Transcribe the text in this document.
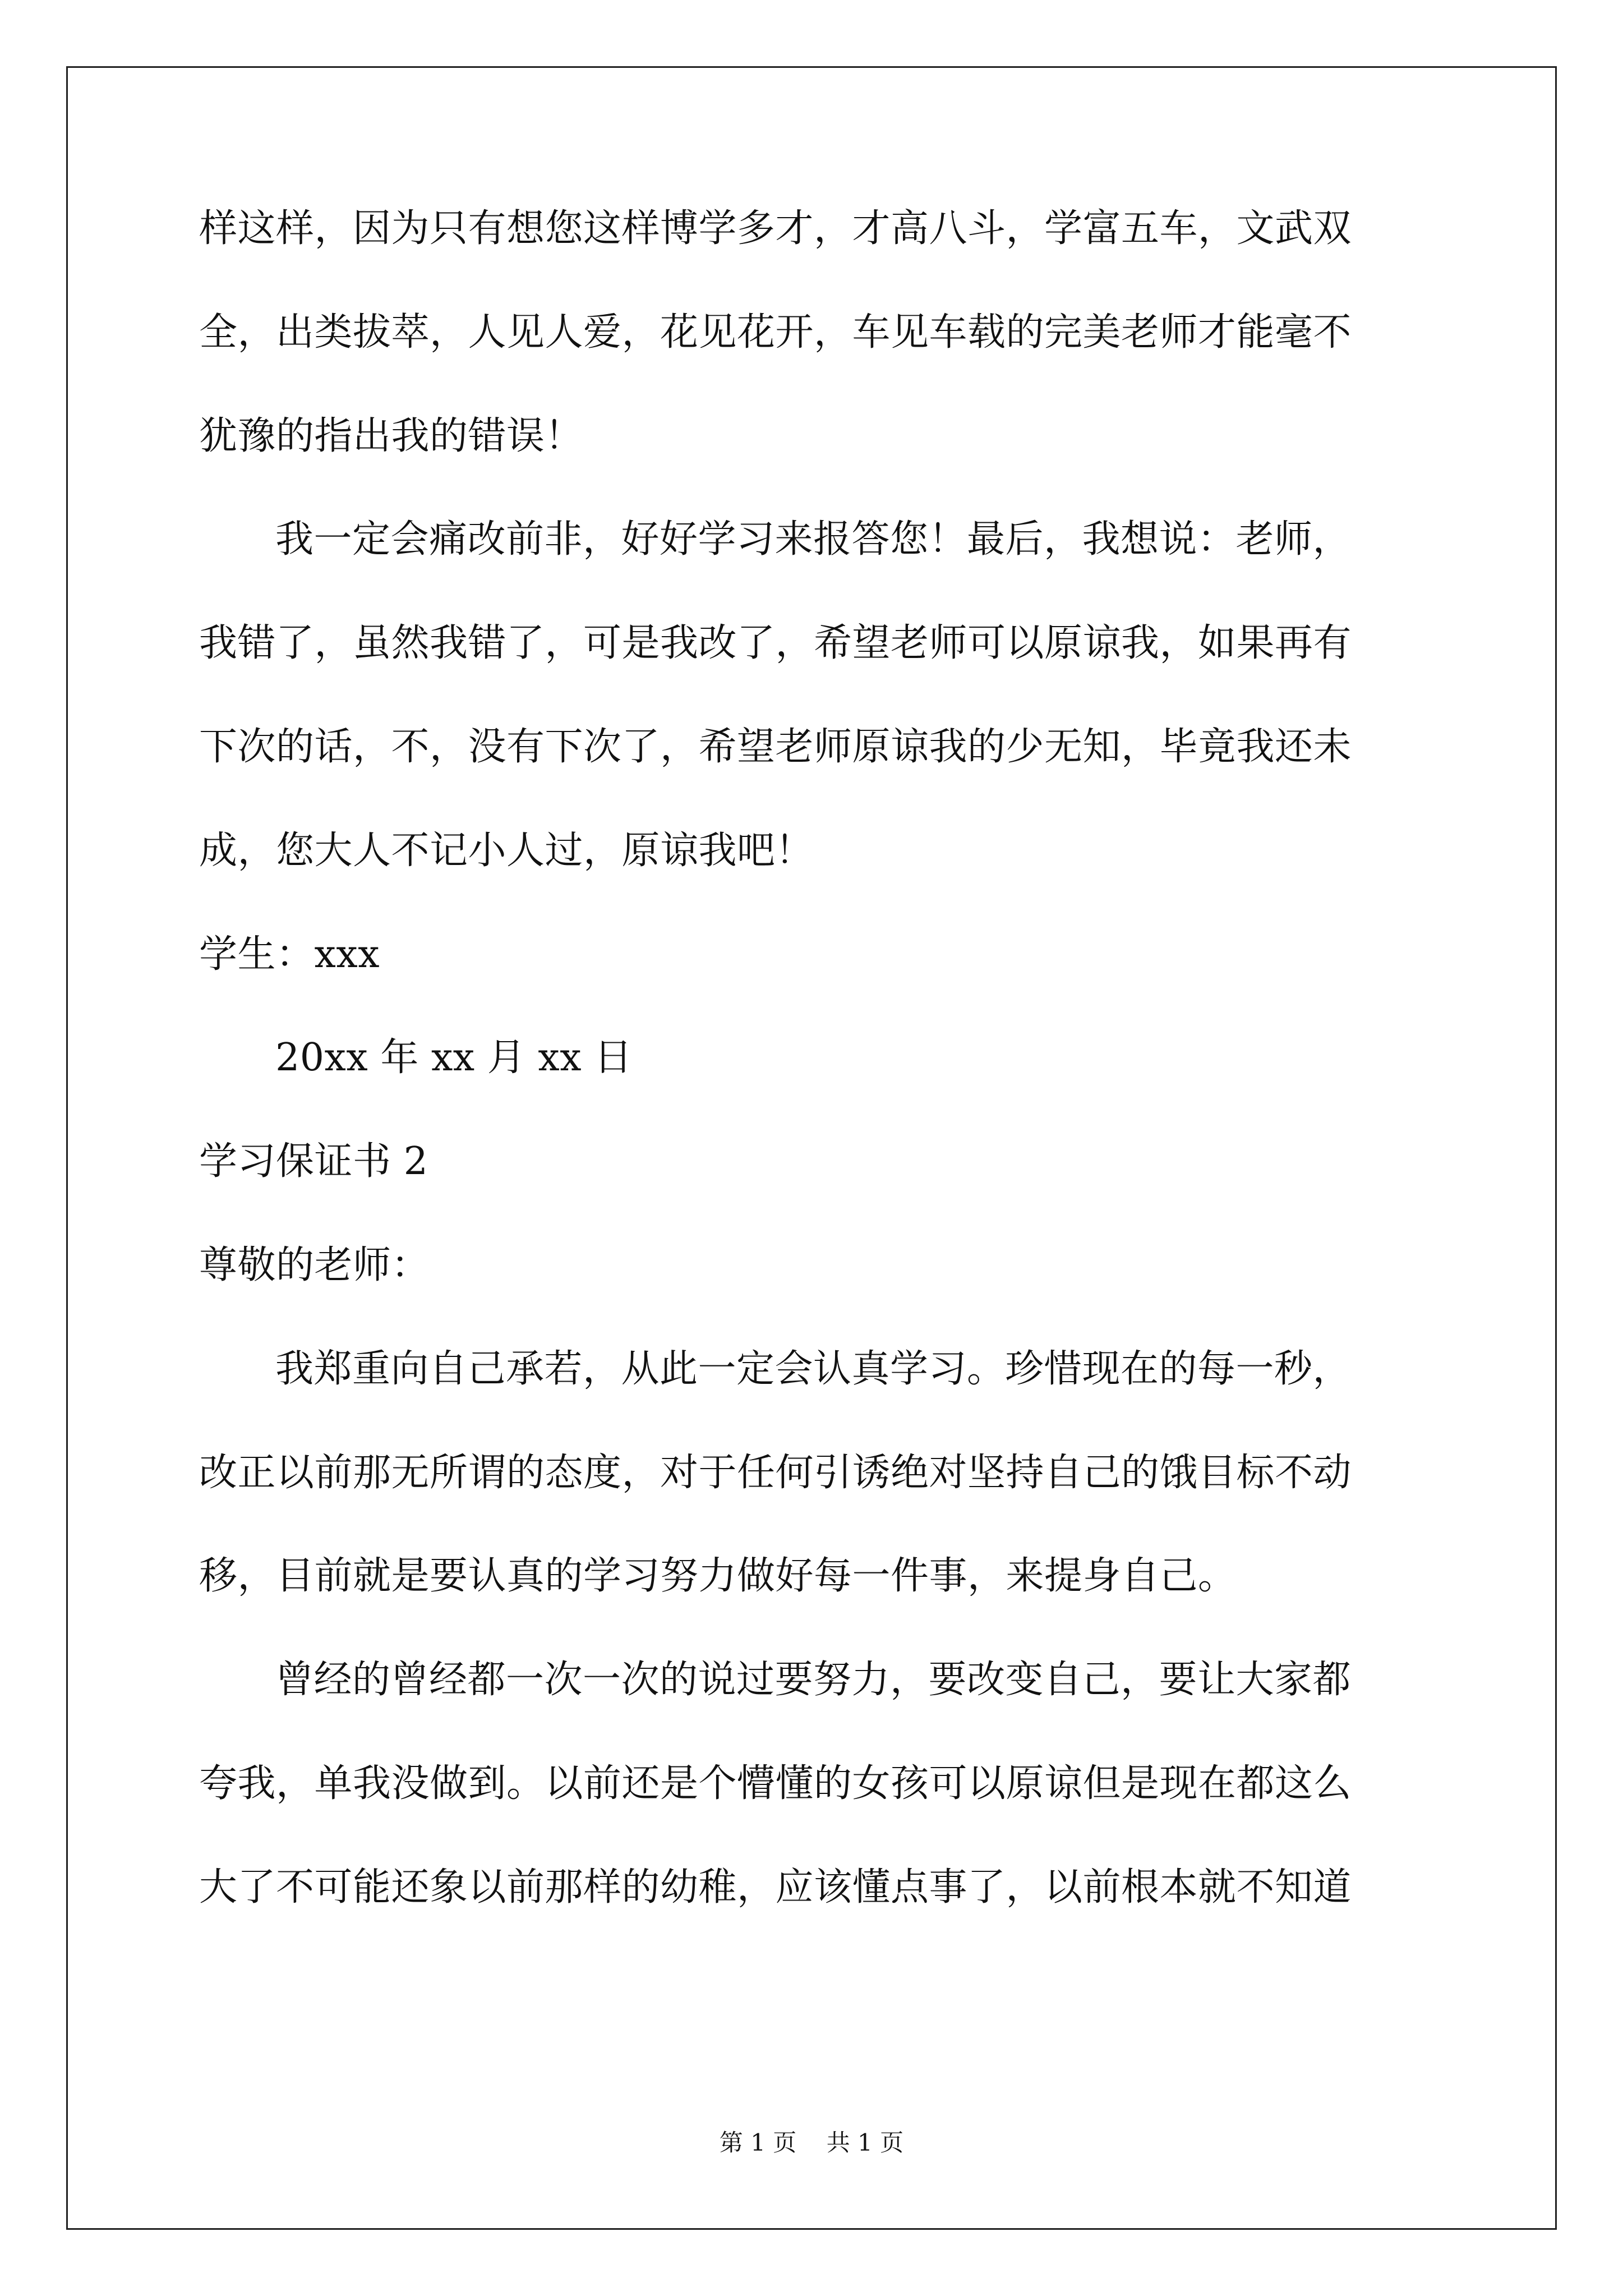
样这样，因为只有想您这样博学多才，才高八斗，学富五车，文武双
全，出类拔萃，人见人爱，花见花开，车见车载的完美老师才能毫不
犹豫的指出我的错误！
我一定会痛改前非，好好学习来报答您！最后，我想说：老师，
我错了，虽然我错了，可是我改了，希望老师可以原谅我，如果再有
下次的话，不，没有下次了，希望老师原谅我的少无知，毕竟我还未
成，您大人不记小人过，原谅我吧！
学生：xxx
20xx 年 xx 月 xx 日
学习保证书 2
尊敬的老师：
我郑重向自己承若，从此一定会认真学习。珍惜现在的每一秒，
改正以前那无所谓的态度，对于任何引诱绝对坚持自己的饿目标不动
移，目前就是要认真的学习努力做好每一件事，来提身自己。
曾经的曾经都一次一次的说过要努力，要改变自己，要让大家都
夸我，单我没做到。以前还是个懵懂的女孩可以原谅但是现在都这么
大了不可能还象以前那样的幼稚，应该懂点事了，以前根本就不知道
第 1 页    共 1 页
